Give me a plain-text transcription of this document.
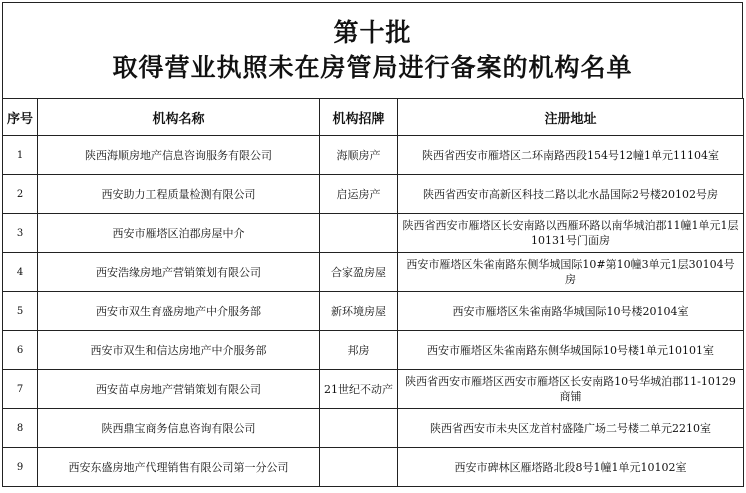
第十批
取得营业执照未在房管局进行备案的机构名单
序号	机构名称	机构招牌	注册地址
1	陕西海顺房地产信息咨询服务有限公司	海顺房产	陕西省西安市雁塔区二环南路西段154号12幢1单元11104室
2	西安助力工程质量检测有限公司	启运房产	陕西省西安市高新区科技二路以北水晶国际2号楼20102号房
3	西安市雁塔区泊郡房屋中介		陕西省西安市雁塔区长安南路以西雁环路以南华城泊郡11幢1单元1层10131号门面房
4	西安浩缘房地产营销策划有限公司	合家盈房屋	西安市雁塔区朱雀南路东侧华城国际10#第10幢3单元1层30104号房
5	西安市双生育盛房地产中介服务部	新环境房屋	西安市雁塔区朱雀南路华城国际10号楼20104室
6	西安市双生和信达房地产中介服务部	邦房	西安市雁塔区朱雀南路东侧华城国际10号楼1单元10101室
7	西安苗卓房地产营销策划有限公司	21世纪不动产	陕西省西安市雁塔区西安市雁塔区长安南路10号华城泊郡11-10129商铺
8	陕西鼎宝商务信息咨询有限公司		陕西省西安市未央区龙首村盛隆广场二号楼二单元2210室
9	西安东盛房地产代理销售有限公司第一分公司		西安市碑林区雁塔路北段8号1幢1单元10102室
